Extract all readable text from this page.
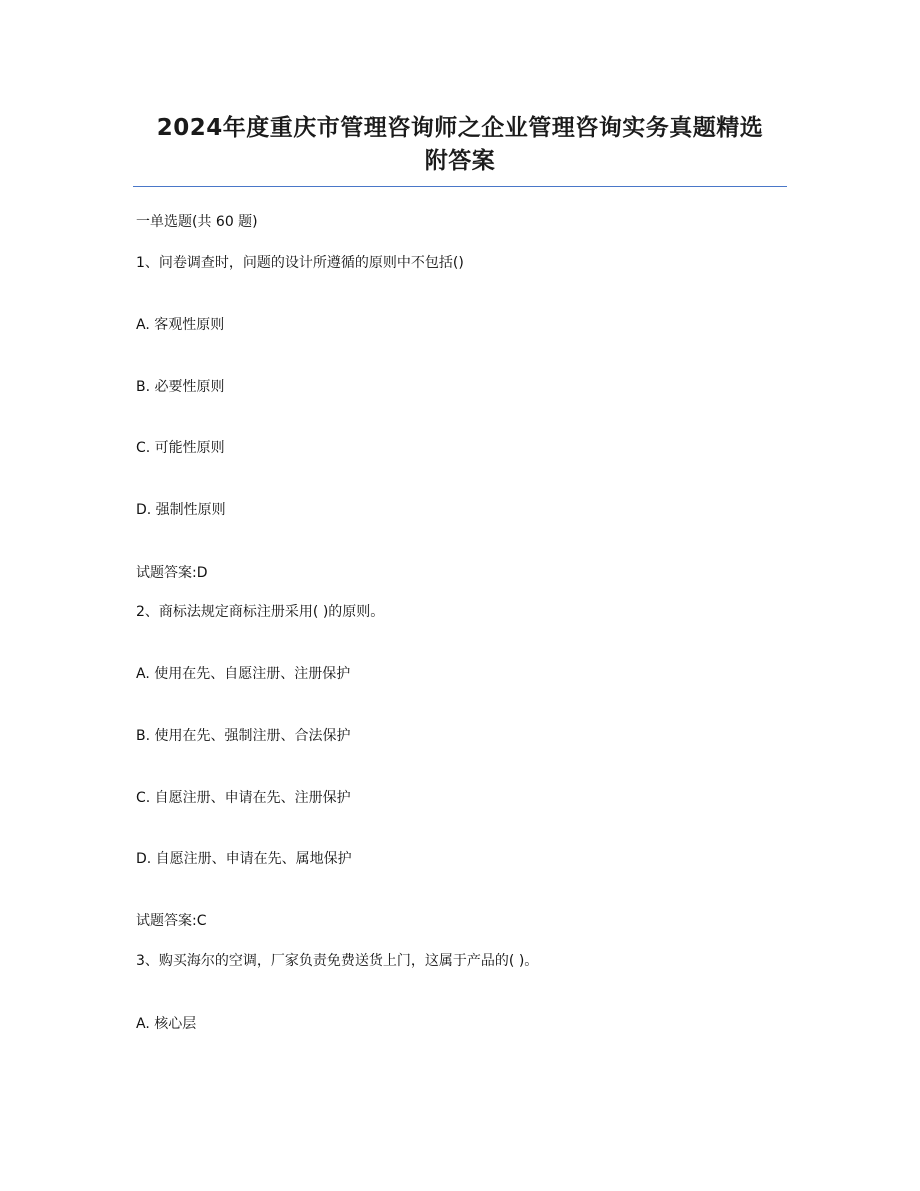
2024年度重庆市管理咨询师之企业管理咨询实务真题精选
附答案
一单选题(共 60 题)
1、问卷调查时，问题的设计所遵循的原则中不包括()
A. 客观性原则
B. 必要性原则
C. 可能性原则
D. 强制性原则
试题答案:D
2、商标法规定商标注册采用( )的原则。
A. 使用在先、自愿注册、注册保护
B. 使用在先、强制注册、合法保护
C. 自愿注册、申请在先、注册保护
D. 自愿注册、申请在先、属地保护
试题答案:C
3、购买海尔的空调，厂家负责免费送货上门，这属于产品的( )。
A. 核心层
